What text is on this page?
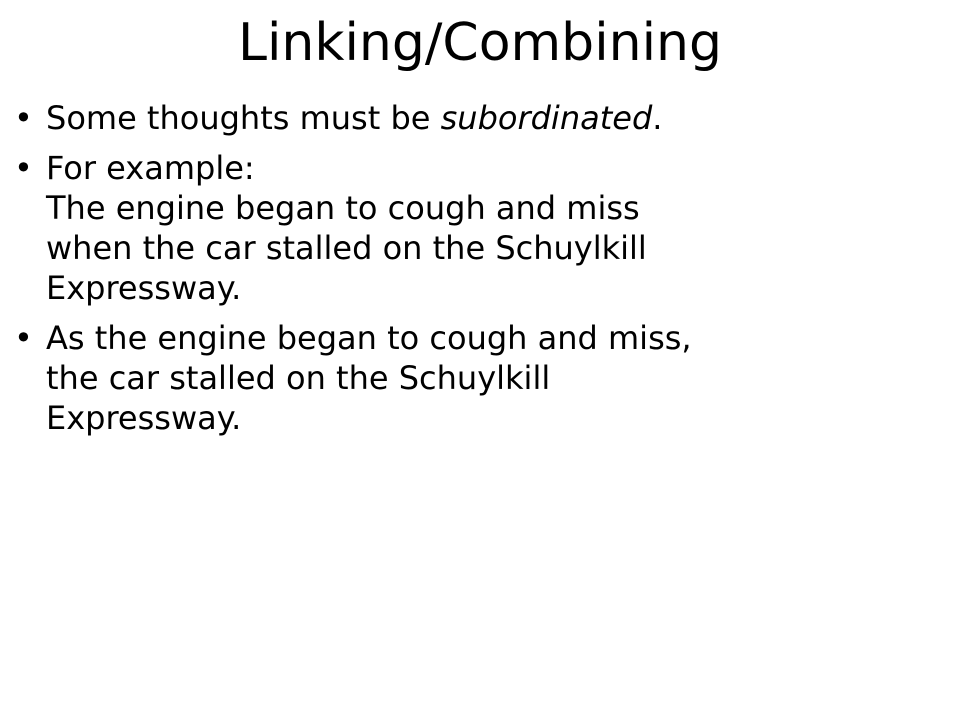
Linking/Combining
• Some thoughts must be subordinated.
• For example:
The engine began to cough and miss
when the car stalled on the Schuylkill
Expressway.
• As the engine began to cough and miss,
the car stalled on the Schuylkill
Expressway.
